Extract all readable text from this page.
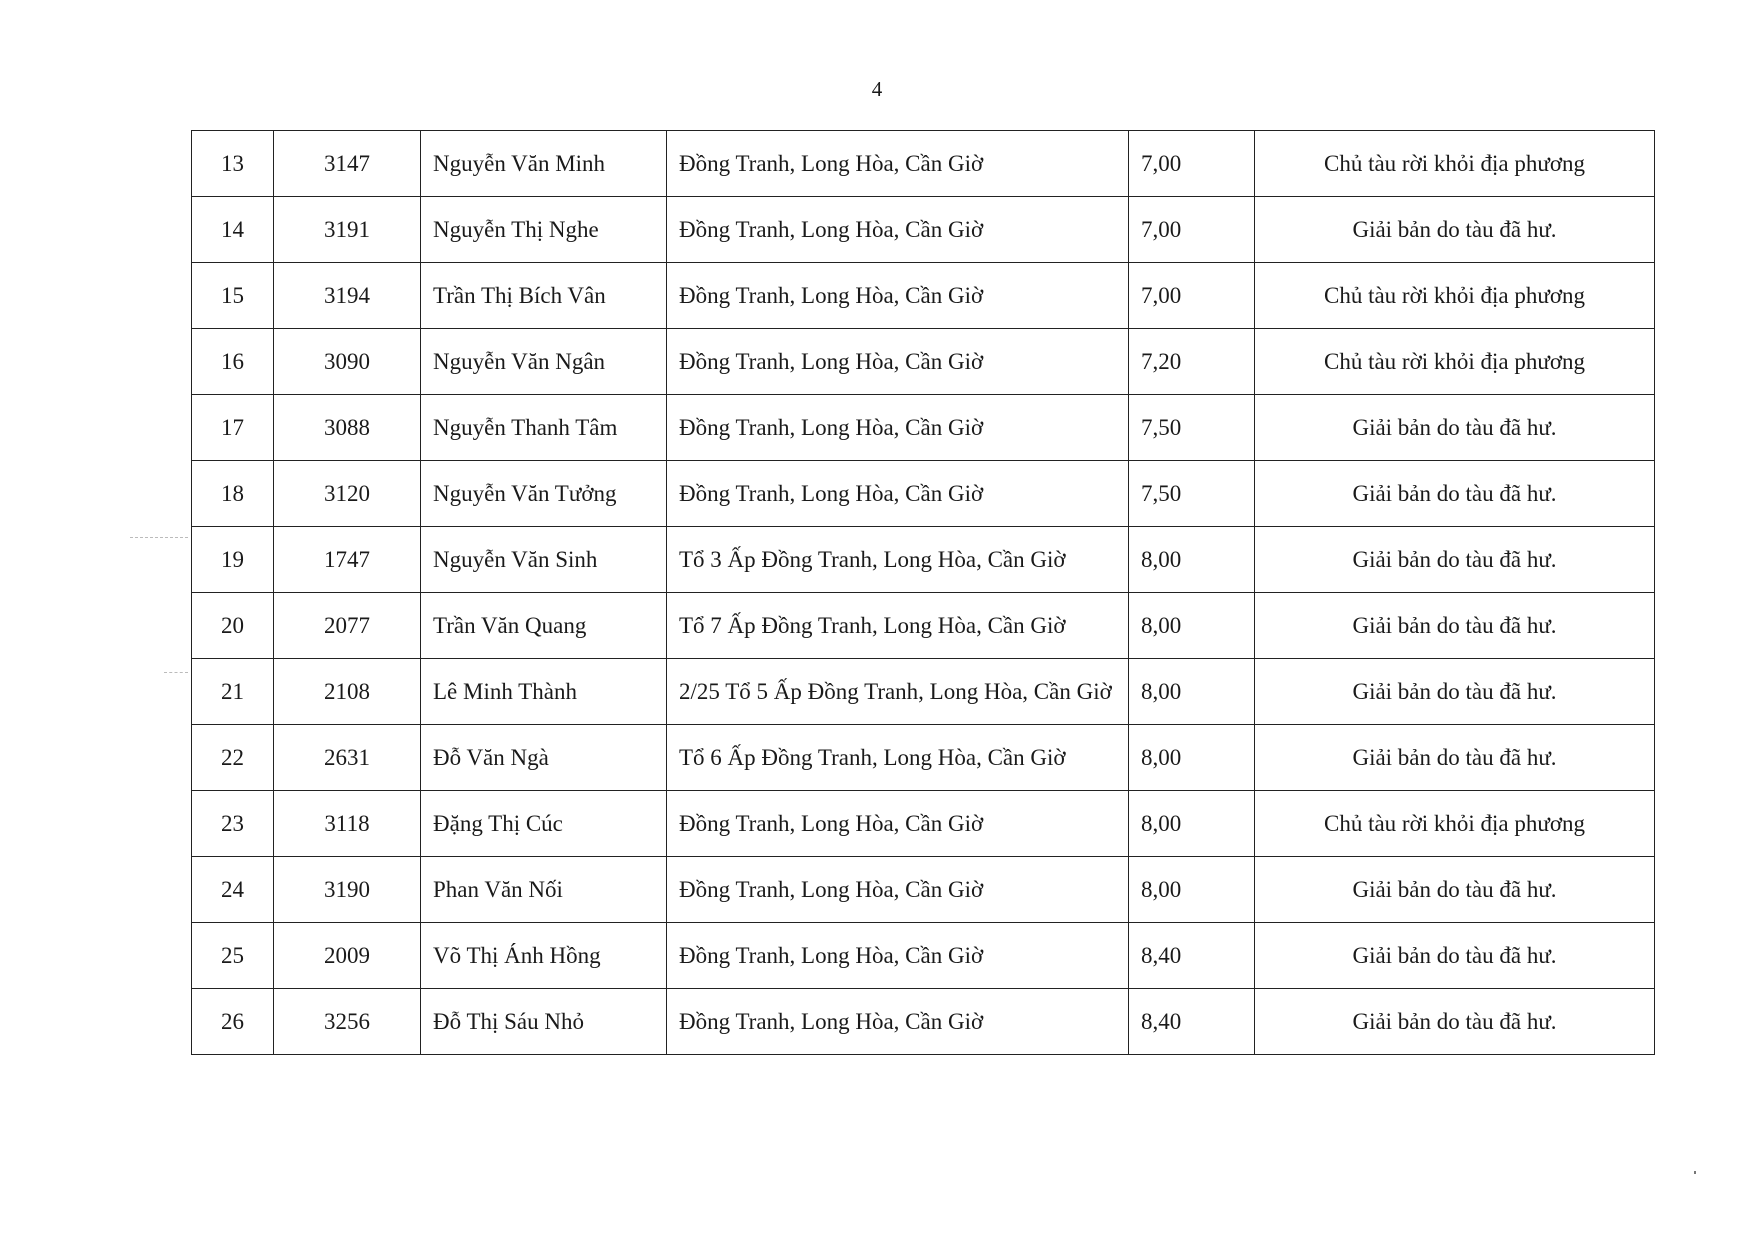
4
13	3147	Nguyễn Văn Minh	Đồng Tranh, Long Hòa, Cần Giờ	7,00	Chủ tàu rời khỏi địa phương
14	3191	Nguyễn Thị Nghe	Đồng Tranh, Long Hòa, Cần Giờ	7,00	Giải bản do tàu đã hư.
15	3194	Trần Thị Bích Vân	Đồng Tranh, Long Hòa, Cần Giờ	7,00	Chủ tàu rời khỏi địa phương
16	3090	Nguyễn Văn Ngân	Đồng Tranh, Long Hòa, Cần Giờ	7,20	Chủ tàu rời khỏi địa phương
17	3088	Nguyễn Thanh Tâm	Đồng Tranh, Long Hòa, Cần Giờ	7,50	Giải bản do tàu đã hư.
18	3120	Nguyễn Văn Tưởng	Đồng Tranh, Long Hòa, Cần Giờ	7,50	Giải bản do tàu đã hư.
19	1747	Nguyễn Văn Sinh	Tổ 3 Ấp Đồng Tranh, Long Hòa, Cần Giờ	8,00	Giải bản do tàu đã hư.
20	2077	Trần Văn Quang	Tổ 7 Ấp Đồng Tranh, Long Hòa, Cần Giờ	8,00	Giải bản do tàu đã hư.
21	2108	Lê Minh Thành	2/25 Tổ 5 Ấp Đồng Tranh, Long Hòa, Cần Giờ	8,00	Giải bản do tàu đã hư.
22	2631	Đỗ Văn Ngà	Tổ 6 Ấp Đồng Tranh, Long Hòa, Cần Giờ	8,00	Giải bản do tàu đã hư.
23	3118	Đặng Thị Cúc	Đồng Tranh, Long Hòa, Cần Giờ	8,00	Chủ tàu rời khỏi địa phương
24	3190	Phan Văn Nối	Đồng Tranh, Long Hòa, Cần Giờ	8,00	Giải bản do tàu đã hư.
25	2009	Võ Thị Ánh Hồng	Đồng Tranh, Long Hòa, Cần Giờ	8,40	Giải bản do tàu đã hư.
26	3256	Đỗ Thị Sáu Nhỏ	Đồng Tranh, Long Hòa, Cần Giờ	8,40	Giải bản do tàu đã hư.
